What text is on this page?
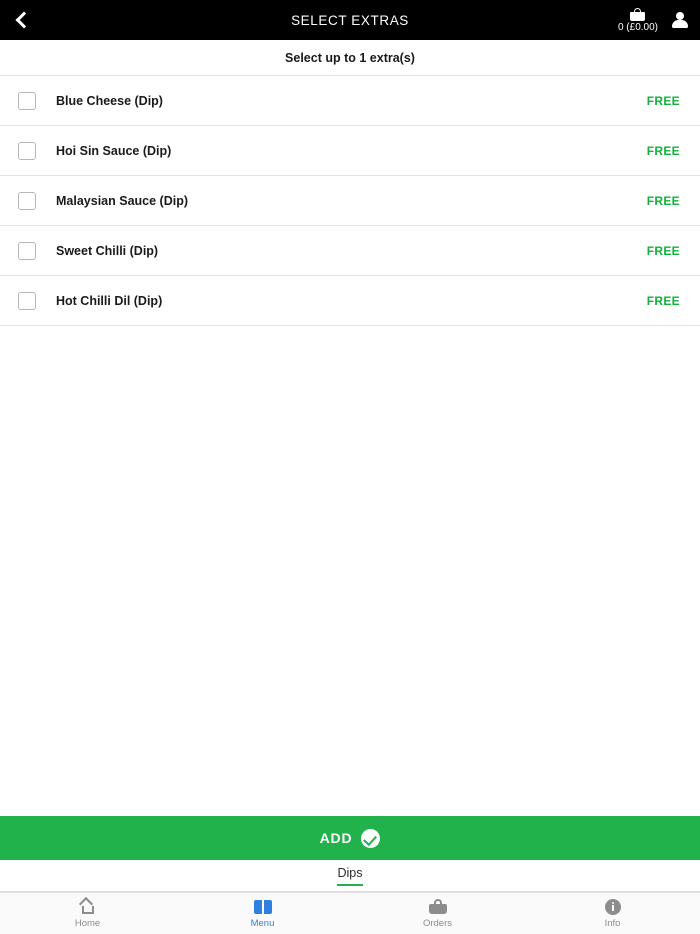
SELECT EXTRAS	0 (£0.00)
Select up to 1 extra(s)
Blue Cheese (Dip)	FREE
Hoi Sin Sauce (Dip)	FREE
Malaysian Sauce (Dip)	FREE
Sweet Chilli (Dip)	FREE
Hot Chilli Dil (Dip)	FREE
ADD
Dips
Home	Menu	Orders	Info
